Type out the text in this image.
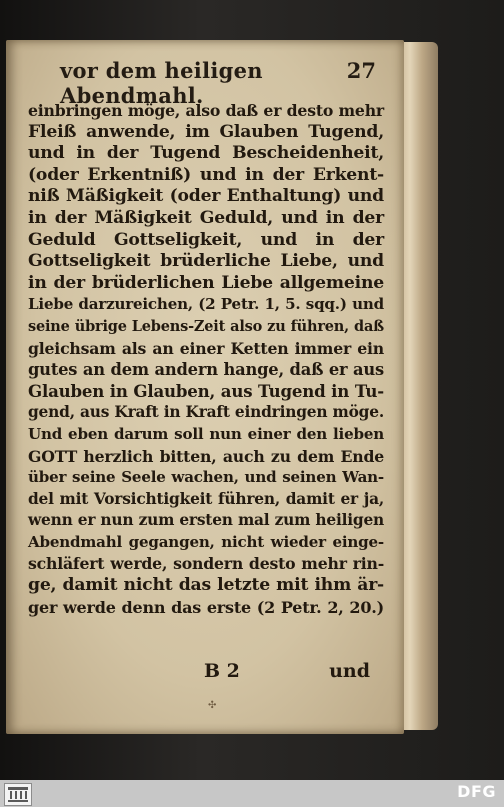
vor dem heiligen Abendmahl.
27
einbringen möge, also daß er desto mehr
Fleiß anwende, im Glauben Tugend,
und in der Tugend Bescheidenheit,
(oder Erkentniß) und in der Erkent-
niß Mäßigkeit (oder Enthaltung) und
in der Mäßigkeit Geduld, und in der
Geduld Gottseligkeit, und in der
Gottseligkeit brüderliche Liebe, und
in der brüderlichen Liebe allgemeine
Liebe darzureichen, (2 Petr. 1, 5. sqq.) und
seine übrige Lebens-Zeit also zu führen, daß
gleichsam als an einer Ketten immer ein
gutes an dem andern hange, daß er aus
Glauben in Glauben, aus Tugend in Tu-
gend, aus Kraft in Kraft eindringen möge.
Und eben darum soll nun einer den lieben
GOTT herzlich bitten, auch zu dem Ende
über seine Seele wachen, und seinen Wan-
del mit Vorsichtigkeit führen, damit er ja,
wenn er nun zum ersten mal zum heiligen
Abendmahl gegangen, nicht wieder einge-
schläfert werde, sondern desto mehr rin-
ge, damit nicht das letzte mit ihm är-
ger werde denn das erste (2 Petr. 2, 20.)
B 2	und
✣
DFG
